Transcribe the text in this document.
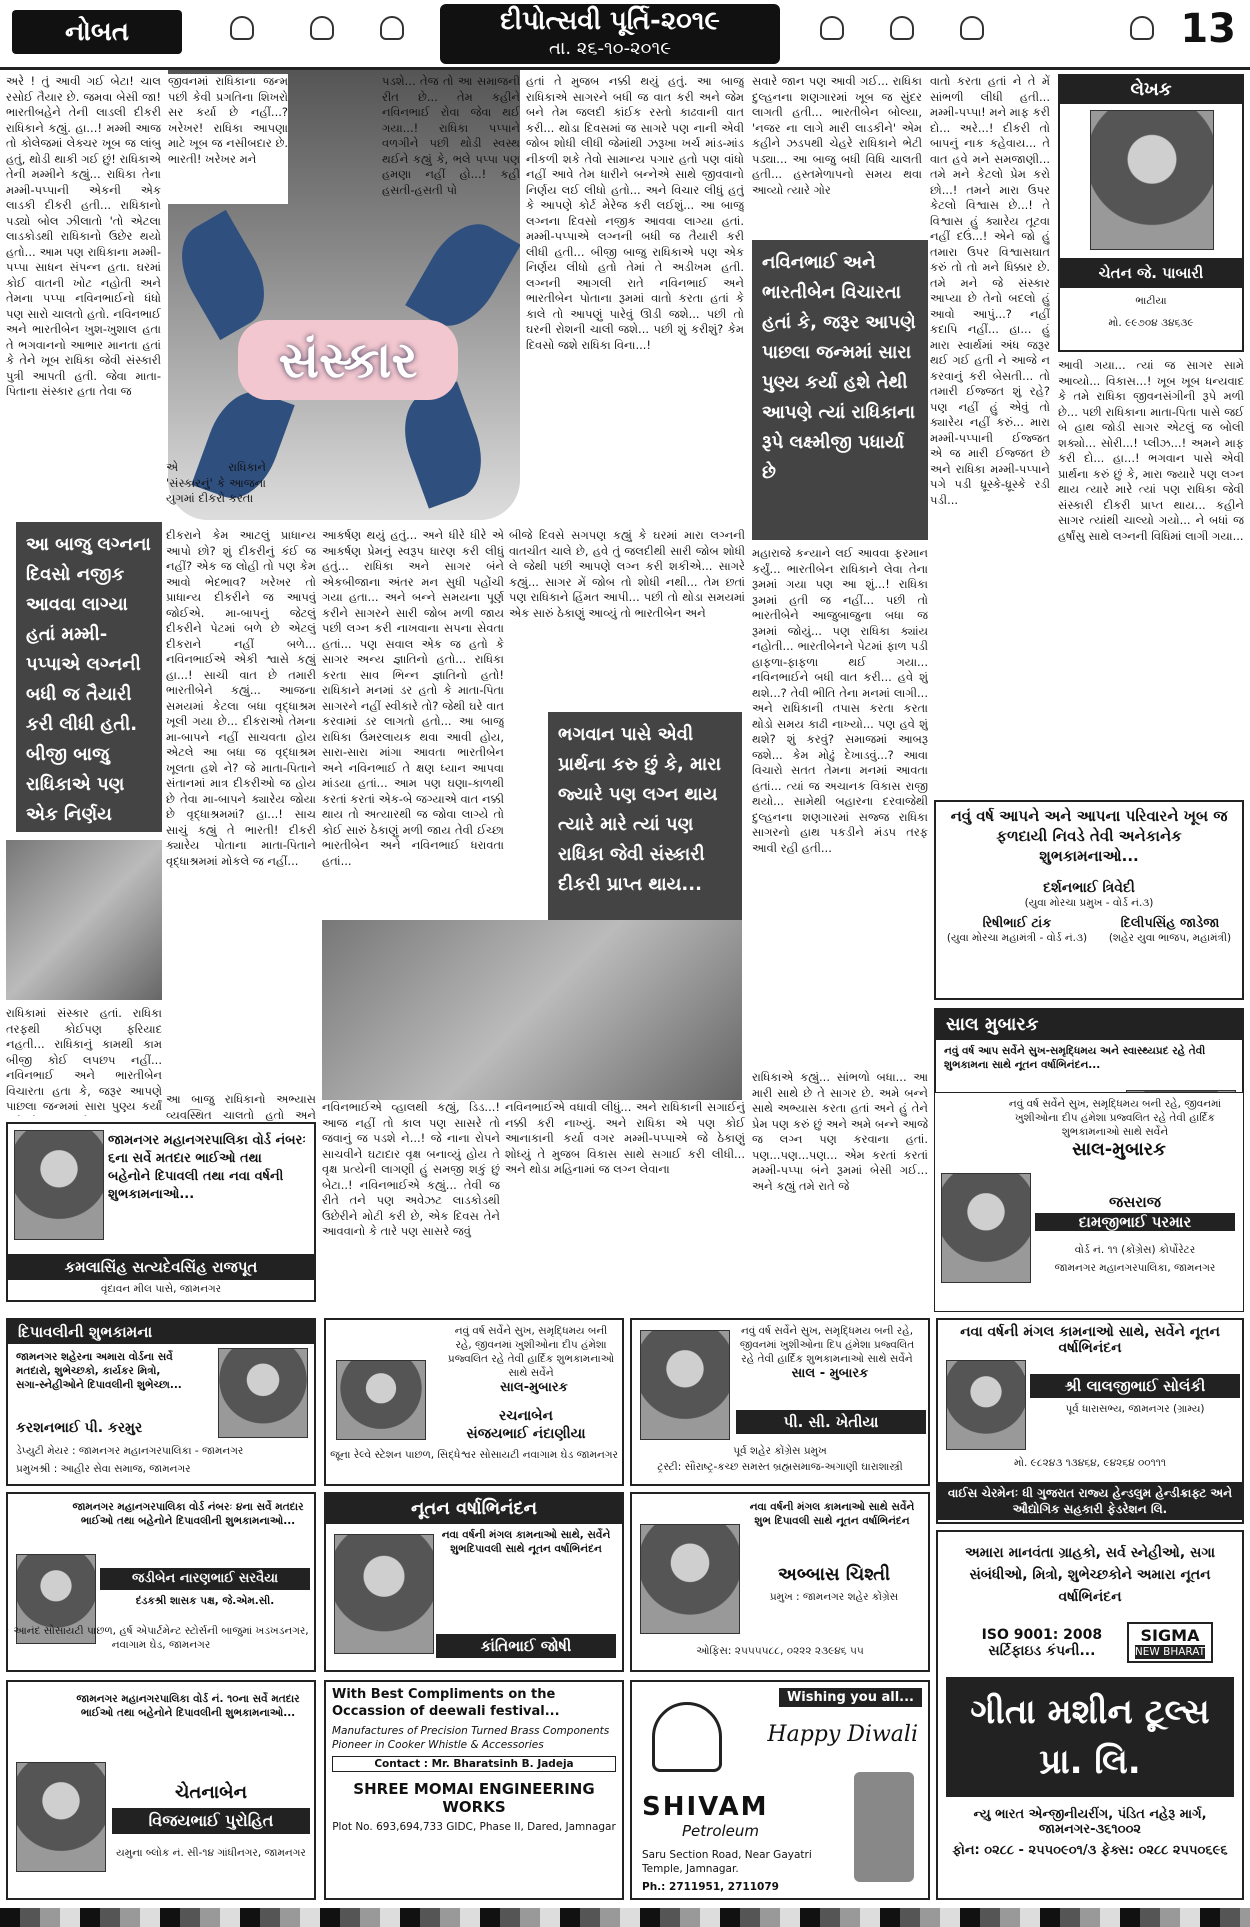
નોબત	દીપોત્સવી પૂર્તિ-૨૦૧૯
તા. ૨૬-૧૦-૨૦૧૯	13
અરે ! તું આવી ગઈ બેટા! ચાલ રસોઈ તૈયાર છે. જમવા બેસી જા! ભારતીબહેને તેની લાડલી દીકરી રાધિકાને કહ્યું. હા...! મમ્મી આજ તો કોલેજમાં લેક્ચર ખૂબ જ લાંબુ હતું, થોડી થાકી ગઈ છું! રાધિકાએ તેની મમ્મીને કહ્યું... રાધિકા તેના મમ્મી-પપ્પાની એકની એક લાડકી દીકરી હતી... રાધિકાનો પડ્યો બોલ ઝીલાતો 'તો એટલા લાડકોડથી રાધિકાનો ઉછેર થયો હતો... આમ પણ રાધિકાના મમ્મી-પપ્પા સાધન સંપન્ન હતા. ઘરમાં કોઈ વાતની ખોટ નહોતી અને તેમના પપ્પા નવિનભાઈનો ધંધો પણ સારો ચાલતો હતો. નવિનભાઈ અને ભારતીબેન ખુશ-ખુશાલ હતા તે ભગવાનનો આભાર માનતા હતાં કે તેને ખૂબ રાધિકા જેવી સંસ્કારી પુત્રી આપતી હતી. જેવા માતા-પિતાના સંસ્કાર હતા તેવા જ
જીવનમાં રાધિકાના જન્મ પછી કેવી પ્રગતિના શિખરો સર કર્યા છે નહીં...? ખરેખર! રાધિકા આપણા માટે ખૂબ જ નસીબદાર છે. ભારતી! ખરેખર મને
સંસ્કાર
પડશે... તેજ તો આ સમાજની રીત છે... તેમ કહીને નવિનભાઈ રોવા જેવા થઈ ગયા...! રાધિકા પપ્પાને વળગીને પછી થોડી સ્વસ્થ થઈને કહ્યું કે, ભલે પપ્પા પણ હમણા નહીં હો...! કહી હસતી-હસતી પો
એ રાધિકાને 'સંસ્કારનું' કે આજના યુગમાં દીકરો કરતા
હતાં તે મુજબ નક્કી થયું હતું. આ બાજુ રાધિકાએ સાગરને બધી જ વાત કરી અને જેમ બને તેમ જલદી કાંઈક રસ્તો કાઢવાની વાત કરી... થોડા દિવસમાં જ સાગરે પણ નાની એવી જોબ શોધી લીધી જેમાંથી ઝરૂખા ખર્ચ માંડ-માંડ નીકળી શકે તેવો સામાન્ય પગાર હતો પણ વાંધો નહીં આવે તેમ ધારીને બન્નેએ સાથે જીવવાનો નિર્ણય લઈ લીધો હતો... અને વિચાર લીધું હતું કે આપણે કોર્ટ મેરેજ કરી લઈશું... આ બાજુ લગ્નના દિવસો નજીક આવવા લાગ્યા હતાં. મમ્મી-પપ્પાએ લગ્નની બધી જ તૈયારી કરી લીધી હતી... બીજી બાજુ રાધિકાએ પણ એક નિર્ણય લીધો હતો તેમાં તે અડીખમ હતી. લગ્નની આગલી રાતે નવિનભાઈ અને ભારતીબેન પોતાના રૂમમાં વાતો કરતા હતાં કે કાલે તો આપણું પારેવું ઊડી જશે... પછી તો ઘરની રોશની ચાલી જશે... પછી શું કરીશું? કેમ દિવસો જશે રાધિકા વિના...!
સવારે જાન પણ આવી ગઈ... રાધિકા દુલ્હનના શણગારમાં ખૂબ જ સુંદર લાગતી હતી... ભારતીબેન બોલ્યા, 'નજર ના લાગે મારી લાડકીને' એમ કહીને ઝડપથી ચેહરે રાધિકાને ભેટી પડ્યા... આ બાજુ બધી વિધિ ચાલતી હતી... હસ્તમેળાપનો સમય થવા આવ્યો ત્યારે ગોર
વાતો કરતા હતાં ને તે મેં સાંભળી લીધી હતી... મમ્મી-પપ્પા! મને માફ કરી દો... અરે...! દીકરી તો બાપનું નાક કહેવાય... તે વાત હવે મને સમજાણી... તમે મને કેટલો પ્રેમ કરો છો...! તમને મારા ઉપર કેટલો વિશ્વાસ છે...! તે વિશ્વાસ હું ક્યારેય તૂટવા નહીં દઉં...! એને જો હું તમારા ઉપર વિશ્વાસઘાત કરું તો તો મને ધિક્કાર છે. તમે મને જે સંસ્કાર આપ્યા છે તેનો બદલો હું આવો આપું...? નહીં કદાપિ નહીં... હા... હું મારા સ્વાર્થમાં અંધ જરૂર થઈ ગઈ હતી ને આજે ન કરવાનું કરી બેસતી... તો તમારી ઈજ્જત શું રહે? પણ નહીં હું એવું તો ક્યારેય નહીં કરું... મારા મમ્મી-પપ્પાની ઈજ્જત એ જ મારી ઈજ્જત છે અને રાધિકા મમ્મી-પપ્પાને પગે પડી ધ્રૂસ્કે-ધ્રૂસ્કે રડી પડી...
લેખક
ચેતન જે. પાબારી
ભાટીયા
મો. ૯૯૭૦૪ ૩૪૬૩૯
આવી ગયા... ત્યાં જ સાગર સામે આવ્યો... વિકાસ...! ખૂબ ખૂબ ધન્યવાદ કે તમે રાધિકા જીવનસંગીની રૂપે મળી છે... પછી રાધિકાના માતા-પિતા પાસે જઈ બે હાથ જોડી સાગર એટલું જ બોલી શક્યો... સોરી...! પ્લીઝ...! અમને માફ કરી દો... હા...! ભગવાન પાસે એવી પ્રાર્થના કરું છું કે, મારા જ્યારે પણ લગ્ન થાય ત્યારે મારે ત્યાં પણ રાધિકા જેવી સંસ્કારી દીકરી પ્રાપ્ત થાય... કહીને સાગર ત્યાંથી ચાલ્યો ગયો... ને બધાં જ હર્ષાંસુ સાથે લગ્નની વિધિમાં લાગી ગયા...
આ બાજુ લગ્નના દિવસો નજીક આવવા લાગ્યા હતાં મમ્મી-પપ્પાએ લગ્નની બધી જ તૈયારી કરી લીધી હતી. બીજી બાજુ રાધિકાએ પણ એક નિર્ણય
દીકરાને કેમ આટલું પ્રાધાન્ય આપો છો? શું દીકરીનું કંઈ જ નહીં? એક જ લોહી તો પણ કેમ આવો ભેદભાવ? ખરેખર તો પ્રાધાન્ય દીકરીને જ આપવું જોઈએ. મા-બાપનું જેટલું દીકરીને પેટમાં બળે છે એટલું દીકરાને નહીં બળે... નવિનભાઈએ એકી શ્વાસે કહ્યું હા...! સાચી વાત છે તમારી ભારતીબેને કહ્યું... આજના સમયમાં કેટલા બધા વૃદ્ધાશ્રમ ખૂલી ગયા છે... દીકરાઓ તેમના મા-બાપને નહીં સાચવતા હોય એટલે આ બધા જ વૃદ્ધાશ્રમ ખૂલતા હશે ને? જે માતા-પિતાને સંતાનમાં માત્ર દીકરીઓ જ હોય છે તેવા મા-બાપને ક્યારેય જોયા છે વૃદ્ધાશ્રમમાં? હા...! સાચ સાચું કહ્યું તે ભારતી! દીકરી ક્યારેય પોતાના માતા-પિતાને વૃદ્ધાશ્રમમાં મોકલે જ નહીં...
રાધિકામાં સંસ્કાર હતાં. રાધિકા તરફથી કોઈપણ ફરિયાદ નહતી... રાધિકાનું કામથી કામ બીજી કોઈ લપછપ નહીં... નવિનભાઈ અને ભારતીબેન વિચારતા હતા કે, જરૂર આપણે પાછલા જન્મમાં સારા પુણ્ય કર્યાં આ બાજુ રાધિકાનો અભ્યાસ વ્યવસ્થિત ચાલતો હતો અને
આકર્ષણ થયું હતું... અને ધીરે ધીરે એ આકર્ષણ પ્રેમનું સ્વરૂપ ધારણ કરી લીધું હતું... રાધિકા અને સાગર બંને એકબીજાના અંતર મન સુધી પહોંચી ગયા હતા... અને બન્ને સમયના પૂર્ણ કરીને સાગરને સારી જોબ મળી જાય પછી લગ્ન કરી નાખવાના સપના સેવતા હતાં... પણ સવાલ એક જ હતો કે સાગર અન્ય જ્ઞાતિનો હતો... રાધિકા કરતા સાવ ભિન્ન જ્ઞાતિનો હતો! રાધિકાને મનમાં ડર હતો કે માતા-પિતા સાગરને નહીં સ્વીકારે તો? જેથી ઘરે વાત કરવામાં ડર લાગતો હતો... આ બાજુ રાધિકા ઉંમરલાયક થવા આવી હોય, સારા-સારા માંગા આવતા ભારતીબેન અને નવિનભાઈ તે ક્ષણ ધ્યાન આપવા માંડયા હતાં... આમ પણ ઘણા-કાળથી કરતાં કરતાં એક-બે જગ્યાએ વાત નક્કી થાય તો અત્યારથી જ જોવા લાગ્યે તો કોઈ સારું ઠેકાણું મળી જાય તેવી ઈચ્છા ભારતીબેન અને નવિનભાઈ ધરાવતા હતાં...
બીજે દિવસે સગપણ કહ્યું કે ઘરમાં મારા લગ્નની વાતચીત ચાલે છે, હવે તું જલદીથી સારી જોબ શોધી લે જેથી પછી આપણે લગ્ન કરી શકીએ... સાગરે કહ્યું... સાગર મેં જોબ તો શોધી નથી... તેમ છતાં પણ રાધિકાને હિંમત આપી... પછી તો થોડા સમયમાં એક સારું ઠેકાણું આવ્યું તો ભારતીબેન અને
ભગવાન પાસે એવી પ્રાર્થના કરુ છું કે, મારા જ્યારે પણ લગ્ન થાય ત્યારે મારે ત્યાં પણ રાધિકા જેવી સંસ્કારી દીકરી પ્રાપ્ત થાય...
નવિનભાઈએ વ્હાલથી કહ્યું, ડિડ...! આજ નહીં તો કાલ પણ સાસરે તો જવાનું જ પડશે ને...! જે નાના રોપને સાચવીને ઘટાદાર વૃક્ષ બનાવ્યું હોય તે વૃક્ષ પ્રત્યેની લાગણી હું સમજી શકું છું બેટા..! નવિનભાઈએ કહ્યું... તેવી જ રીતે તને પણ અવેઝટ લાડકોડથી ઉછેરીને મોટી કરી છે, એક દિવસ તેને આવવાનો કે તારે પણ સાસરે જવું
નવિનભાઈએ વધાવી લીધું... અને રાધિકાની સગાઈનું નક્કી કરી નાખ્યું. અને રાધિકા એ પણ કોઈ આનાકાની કર્યા વગર મમ્મી-પપ્પાએ જે ઠેકાણું શોધ્યું તે મુજબ વિકાસ સાથે સગાઈ કરી લીધી... અને થોડા મહિનામાં જ લગ્ન લેવાના
નવિનભાઈ અને ભારતીબેન વિચારતા હતાં કે, જરૂર આપણે પાછલા જન્મમાં સારા પુણ્ય કર્યા હશે તેથી આપણે ત્યાં રાધિકાના રૂપે લક્ષ્મીજી પધાર્યા છે
મહારાજે કન્યાને લઈ આવવા ફરમાન કર્યું... ભારતીબેન રાધિકાને લેવા તેના રૂમમાં ગયા પણ આ શું...! રાધિકા રૂમમાં હતી જ નહીં... પછી તો ભારતીબેને આજુબાજુના બધા જ રૂમમાં જોયું... પણ રાધિકા ક્યાંય નહોતી... ભારતીબેનને પેટમાં ફાળ પડી હાફળા-ફાફળા થઈ ગયા... નવિનભાઈને બધી વાત કરી... હવે શું થશે...? તેવી ભીતિ તેના મનમાં લાગી... અને રાધિકાની તપાસ કરતા કરતા થોડો સમય કાઢી નાખ્યો... પણ હવે શું થશે? શું કરવું? સમાજમાં આબરૂ જશે... કેમ મોઢું દેખાડવું...? આવા વિચારો સતત તેમના મનમાં આવતા હતાં... ત્યાં જ અચાનક વિકાસ રાજી થયો... સામેથી બહારના દરવાજેથી દુલ્હનના શણગારમાં સજ્જ રાધિકા સાગરનો હાથ પકડીને મંડપ તરફ આવી રહી હતી...
રાધિકાએ કહ્યું... સાંભળો બધા... આ મારી સાથે છે તે સાગર છે. અમે બન્ને સાથે અભ્યાસ કરતા હતાં અને હું તેને પ્રેમ પણ કરું છું અને અમે બન્ને આજે જ લગ્ન પણ કરવાના હતાં. પણ...પણ...પણ... એમ કરતાં કરતાં મમ્મી-પપ્પા બંને રૂમમાં બેસી ગઈ... અને કહ્યું તમે રાતે જે
નવું વર્ષ આપને અને આપના પરિવારને ખૂબ જ ફળદાયી નિવડે તેવી અનેકાનેક શુભકામનાઓ...
દર્શનભાઈ ત્રિવેદી
(યુવા મોરચા પ્રમુખ - વોર્ડ નં.૩)
રિષીભાઈ ટાંક
(યુવા મોરચા મહામંત્રી - વોર્ડ નં.૩)
દિલીપસિંહ જાડેજા
(શહેર યુવા ભાજપ, મહામંત્રી)
સાલ મુબારક
નવું વર્ષ આપ સર્વેને સુખ-સમૃદ્ધિમય અને સ્વાસ્થ્યપ્રદ રહે તેવી શુભકામના સાથે નૂતન વર્ષાભિનંદન...
નવું વર્ષ સર્વેને સુખ, સમૃદ્ધિમય બની રહે, જીવનમાં ખુશીઓના દીપ હંમેશા પ્રજ્વલિત રહે તેવી હાર્દિક શુભકામનાઓ સાથે સર્વેને
સાલ-મુબારક
જસરાજ
દામજીભાઈ પરમાર
વોર્ડ નં. ૧૧ (કોંગ્રેસ) કોર્પોરેટર
જામનગર મહાનગરપાલિકા, જામનગર
જામનગર મહાનગરપાલિકા વોર્ડ નંબરઃ ૬ના સર્વે મતદાર ભાઈઓ તથા બહેનોને દિપાવલી તથા નવા વર્ષની શુભકામનાઓ...
કમલાસિંહ સત્યદેવસિંહ રાજપૂત
વૃંદાવન મીલ પાસે, જામનગર
દિપાવલીની શુભકામના
જામનગર શહેરના અમારા વોર્ડના સર્વે મતદારો, શુભેચ્છકો, કાર્યકર મિત્રો, સગા-સ્નેહીઓને દિપાવલીની શુભેચ્છા...
કરશનભાઈ પી. કરમુર
ડેપ્યુટી મેયર : જામનગર મહાનગરપાલિકા - જામનગર
પ્રમુખશ્રી : આહીર સેવા સમાજ, જામનગર
નવું વર્ષ સર્વેને સુખ, સમૃદ્ધિમય બની રહે, જીવનમાં ખુશીઓના દીપ હંમેશા પ્રજ્વલિત રહે તેવી હાર્દિક શુભકામનાઓ સાથે સર્વેને
સાલ-મુબારક
રચનાબેન
સંજયભાઈ નંદાણીયા
જૂના રેલ્વે સ્ટેશન પાછળ, સિદ્ધેશ્વર સોસાયટી નવાગામ ઘેડ જામનગર
નવું વર્ષ સર્વેને સુખ, સમૃદ્ધિમય બની રહે, જીવનમાં ખુશીઓના દિપ હંમેશા પ્રજ્વલિત રહે તેવી હાર્દિક શુભકામનાઓ સાથે સર્વેને
સાલ - મુબારક
પી. સી. ખેતીયા
પૂર્વ શહેર કોંગ્રેસ પ્રમુખ
ટ્રસ્ટી: સૌરાષ્ટ્ર-કચ્છ સમસ્ત બ્રહ્મસમાજ-અગાણી ઘારાશાસ્ત્રી
નવા વર્ષની મંગલ કામનાઓ સાથે, સર્વેને નૂતન વર્ષાભિનંદન
શ્રી લાલજીભાઈ સોલંકી
પૂર્વ ધારાસભ્ય, જામનગર (ગ્રામ્ય)
મો. ૯૮૨૪૩ ૧૩૪૬૪, ૯૪૨૬૪ ૦૦૧૧૧
વાઈસ ચેરમેનઃ ધી ગુજરાત રાજ્ય હેન્ડલુમ હેન્ડીક્રાફ્ટ અને ઔદ્યોગિક સહકારી ફેડરેશન લિ.
જામનગર મહાનગરપાલિકા વોર્ડ નંબરઃ ૪ના સર્વે મતદાર ભાઈઓ તથા બહેનોને દિપાવલીની શુભકામનાઓ...
જડીબેન નારણભાઈ સરવૈયા
દંડકશ્રી શાસક પક્ષ, જે.એમ.સી.
આનંદ સોસાયટી પાછળ, હર્ષ એપાર્ટમેન્ટ સ્ટોર્સની બાજુમાં ખડખડનગર, નવાગામ ઘેડ, જામનગર
નૂતન વર્ષાભિનંદન
નવા વર્ષની મંગલ કામનાઓ સાથે, સર્વેને શુભદિપાવલી સાથે નૂતન વર્ષાભિનંદન
કાંતિભાઈ જોષી
નવા વર્ષની મંગલ કામનાઓ સાથે સર્વેને શુભ દિપાવલી સાથે નૂતન વર્ષાભિનંદન
અબ્બાસ ચિશ્તી
પ્રમુખ : જામનગર શહેર કોંગ્રેસ
ઓફિસ: ૨૫૫૫૫૮૮, ૦૨૨૨ ૨૩૯૪૬ ૫૫
અમારા માનવંતા ગ્રાહકો, સર્વ સ્નેહીઓ, સગા સંબંધીઓ, મિત્રો, શુભેચ્છકોને અમારા નૂતન વર્ષાભિનંદન
ISO 9001: 2008 સર્ટિફાઇડ કંપની...
SIGMA
NEW BHARAT
ગીતા મશીન ટૂલ્સ પ્રા. લિ.
ન્યુ ભારત એન્જીનીયરીંગ, પંડિત નહેરૂ માર્ગ, જામનગર-૩૬૧૦૦૨
ફોન: ૦૨૮૮ - ૨૫૫૦૯૦૧/૩ ફેક્સ: ૦૨૮૮ ૨૫૫૦૬૯૬
જામનગર મહાનગરપાલિકા વોર્ડ નં. ૧૦ના સર્વે મતદાર ભાઈઓ તથા બહેનોને દિપાવલીની શુભકામનાઓ...
ચેતનાબેન
વિજયભાઈ પુરોહિત
યમુના બ્લોક નં. સી-૧૪ ગાંધીનગર, જામનગર
With Best Compliments on the Occassion of deewali festival...
Manufactures of Precision Turned Brass Components Pioneer in Cooker Whistle & Accessories
Contact : Mr. Bharatsinh B. Jadeja
SHREE MOMAI ENGINEERING WORKS
Plot No. 693,694,733 GIDC, Phase II, Dared, Jamnagar
Wishing you all...
Happy Diwali
SHIVAM
Petroleum
Saru Section Road, Near Gayatri Temple, Jamnagar.
Ph.: 2711951, 2711079
